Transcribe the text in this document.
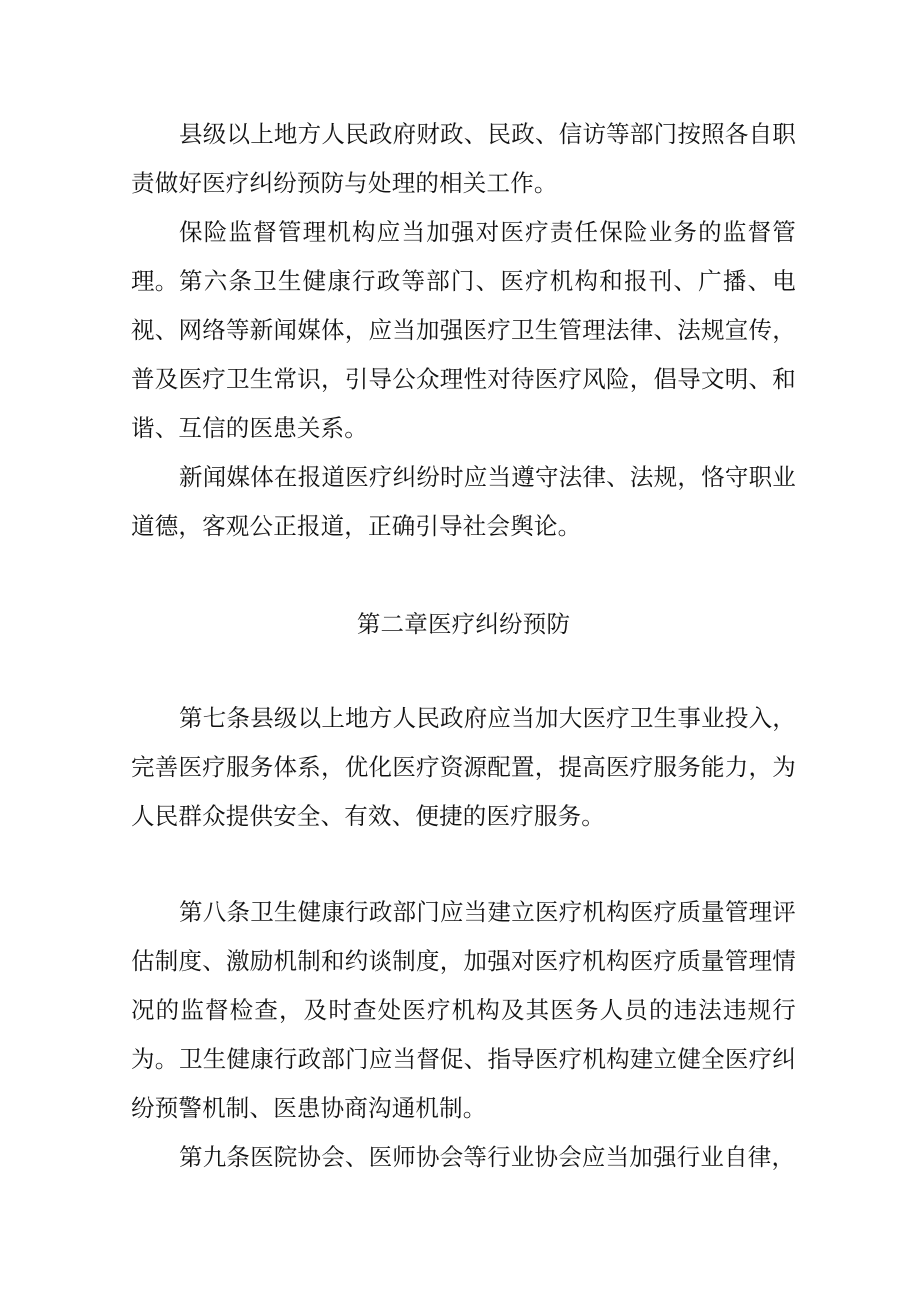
县级以上地方人民政府财政、民政、信访等部门按照各自职责做好医疗纠纷预防与处理的相关工作。

保险监督管理机构应当加强对医疗责任保险业务的监督管理。 第六条卫生健康行政等部门、医疗机构和报刊、广播、电视、网络等新闻媒体，应当加强医疗卫生管理法律、法规宣传，普及医疗卫生常识，引导公众理性对待医疗风险，倡导文明、和谐、互信的医患关系。

新闻媒体在报道医疗纠纷时应当遵守法律、法规，恪守职业道德，客观公正报道，正确引导社会舆论。

第二章医疗纠纷预防

第七条县级以上地方人民政府应当加大医疗卫生事业投入，完善医疗服务体系，优化医疗资源配置，提高医疗服务能力，为人民群众提供安全、有效、便捷的医疗服务。

第八条卫生健康行政部门应当建立医疗机构医疗质量管理评估制度、激励机制和约谈制度，加强对医疗机构医疗质量管理情况的监督检查，及时查处医疗机构及其医务人员的违法违规行为。 卫生健康行政部门应当督促、指导医疗机构建立健全医疗纠纷预警机制、医患协商沟通机制。

第九条医院协会、医师协会等行业协会应当加强行业自律，
